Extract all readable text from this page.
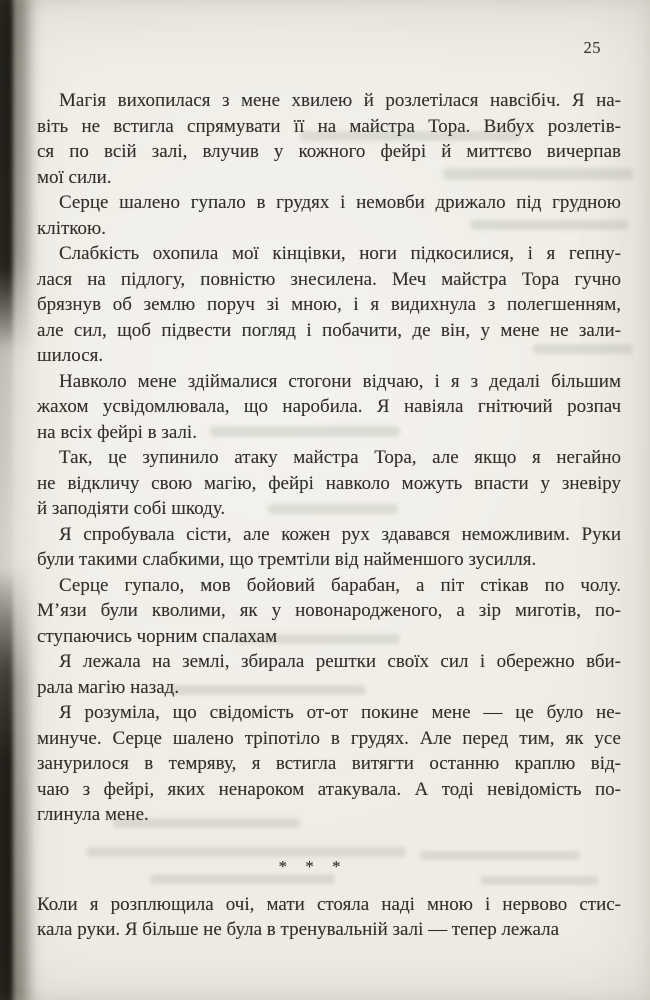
25
Магія вихопилася з мене хвилею й розлетілася навсібіч. Я на-
віть не встигла спрямувати її на майстра Тора. Вибух розлетів-
ся по всій залі, влучив у кожного фейрі й миттєво вичерпав
мої сили.
Серце шалено гупало в грудях і немовби дрижало під грудною
кліткою.
Слабкість охопила мої кінцівки, ноги підкосилися, і я гепну-
лася на підлогу, повністю знесилена. Меч майстра Тора гучно
брязнув об землю поруч зі мною, і я видихнула з полегшенням,
але сил, щоб підвести погляд і побачити, де він, у мене не зали-
шилося.
Навколо мене здіймалися стогони відчаю, і я з дедалі більшим
жахом усвідомлювала, що наробила. Я навіяла гнітючий розпач
на всіх фейрі в залі.
Так, це зупинило атаку майстра Тора, але якщо я негайно
не відкличу свою магію, фейрі навколо можуть впасти у зневіру
й заподіяти собі шкоду.
Я спробувала сісти, але кожен рух здавався неможливим. Руки
були такими слабкими, що тремтіли від найменшого зусилля.
Серце гупало, мов бойовий барабан, а піт стікав по чолу.
М’язи були кволими, як у новонародженого, а зір миготів, по-
ступаючись чорним спалахам
Я лежала на землі, збирала рештки своїх сил і обережно вби-
рала магію назад.
Я розуміла, що свідомість от-от покине мене — це було не-
минуче. Серце шалено тріпотіло в грудях. Але перед тим, як усе
занурилося в темряву, я встигла витягти останню краплю від-
чаю з фейрі, яких ненароком атакувала. А тоді невідомість по-
глинула мене.
* * *
Коли я розплющила очі, мати стояла наді мною і нервово стис-
кала руки. Я більше не була в тренувальній залі — тепер лежала
